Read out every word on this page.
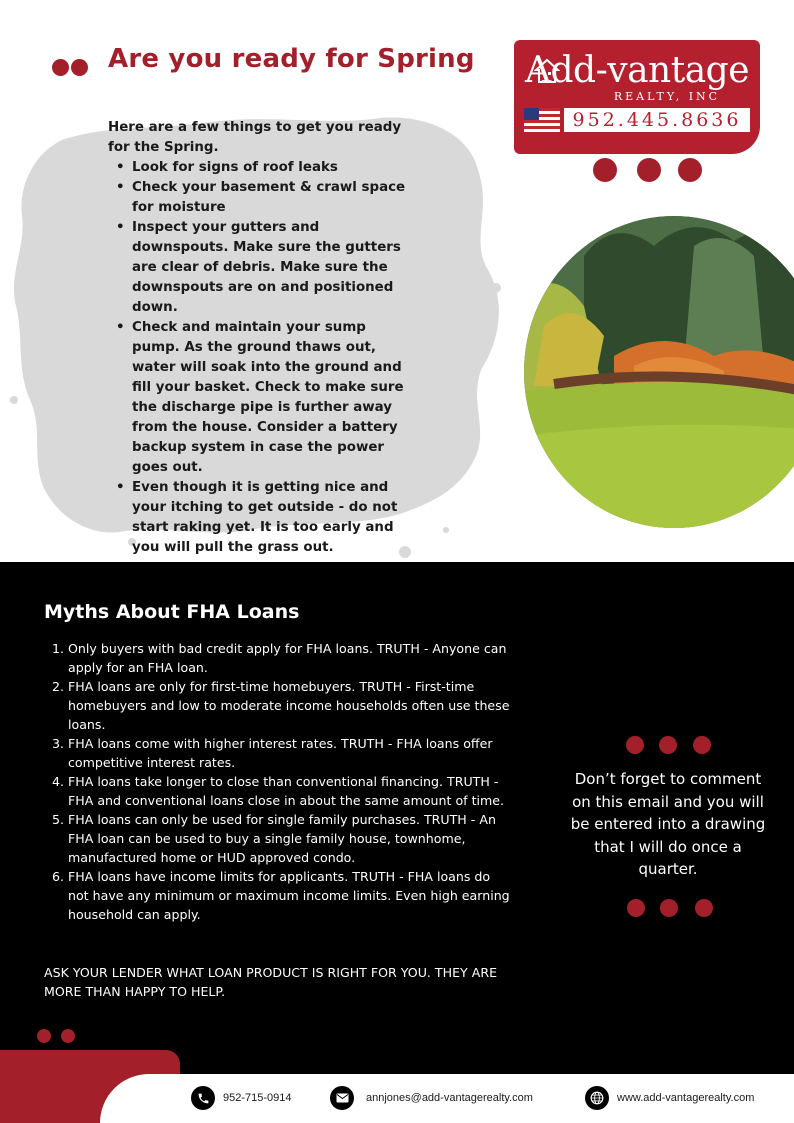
Are you ready for Spring

Here are a few things to get you ready for the Spring.

• Look for signs of roof leaks
• Check your basement & crawl space for moisture
• Inspect your gutters and downspouts. Make sure the gutters are clear of debris. Make sure the downspouts are on and positioned down.
• Check and maintain your sump pump. As the ground thaws out, water will soak into the ground and fill your basket. Check to make sure the discharge pipe is further away from the house. Consider a battery backup system in case the power goes out.
• Even though it is getting nice and your itching to get outside - do not start raking yet. It is too early and you will pull the grass out.
Add-vantage
REALTY, INC
952.445.8636
Myths About FHA Loans
1. Only buyers with bad credit apply for FHA loans. TRUTH - Anyone can apply for an FHA loan.
2. FHA loans are only for first-time homebuyers. TRUTH - First-time homebuyers and low to moderate income households often use these loans.
3. FHA loans come with higher interest rates. TRUTH - FHA loans offer competitive interest rates.
4. FHA loans take longer to close than conventional financing. TRUTH - FHA and conventional loans close in about the same amount of time.
5. FHA loans can only be used for single family purchases. TRUTH - An FHA loan can be used to buy a single family house, townhome, manufactured home or HUD approved condo.
6. FHA loans have income limits for applicants. TRUTH - FHA loans do not have any minimum or maximum income limits. Even high earning household can apply.

ASK YOUR LENDER WHAT LOAN PRODUCT IS RIGHT FOR YOU. THEY ARE MORE THAN HAPPY TO HELP.

Don’t forget to comment on this email and you will be entered into a drawing that I will do once a quarter.

952-715-0914	annjones@add-vantagerealty.com	www.add-vantagerealty.com
